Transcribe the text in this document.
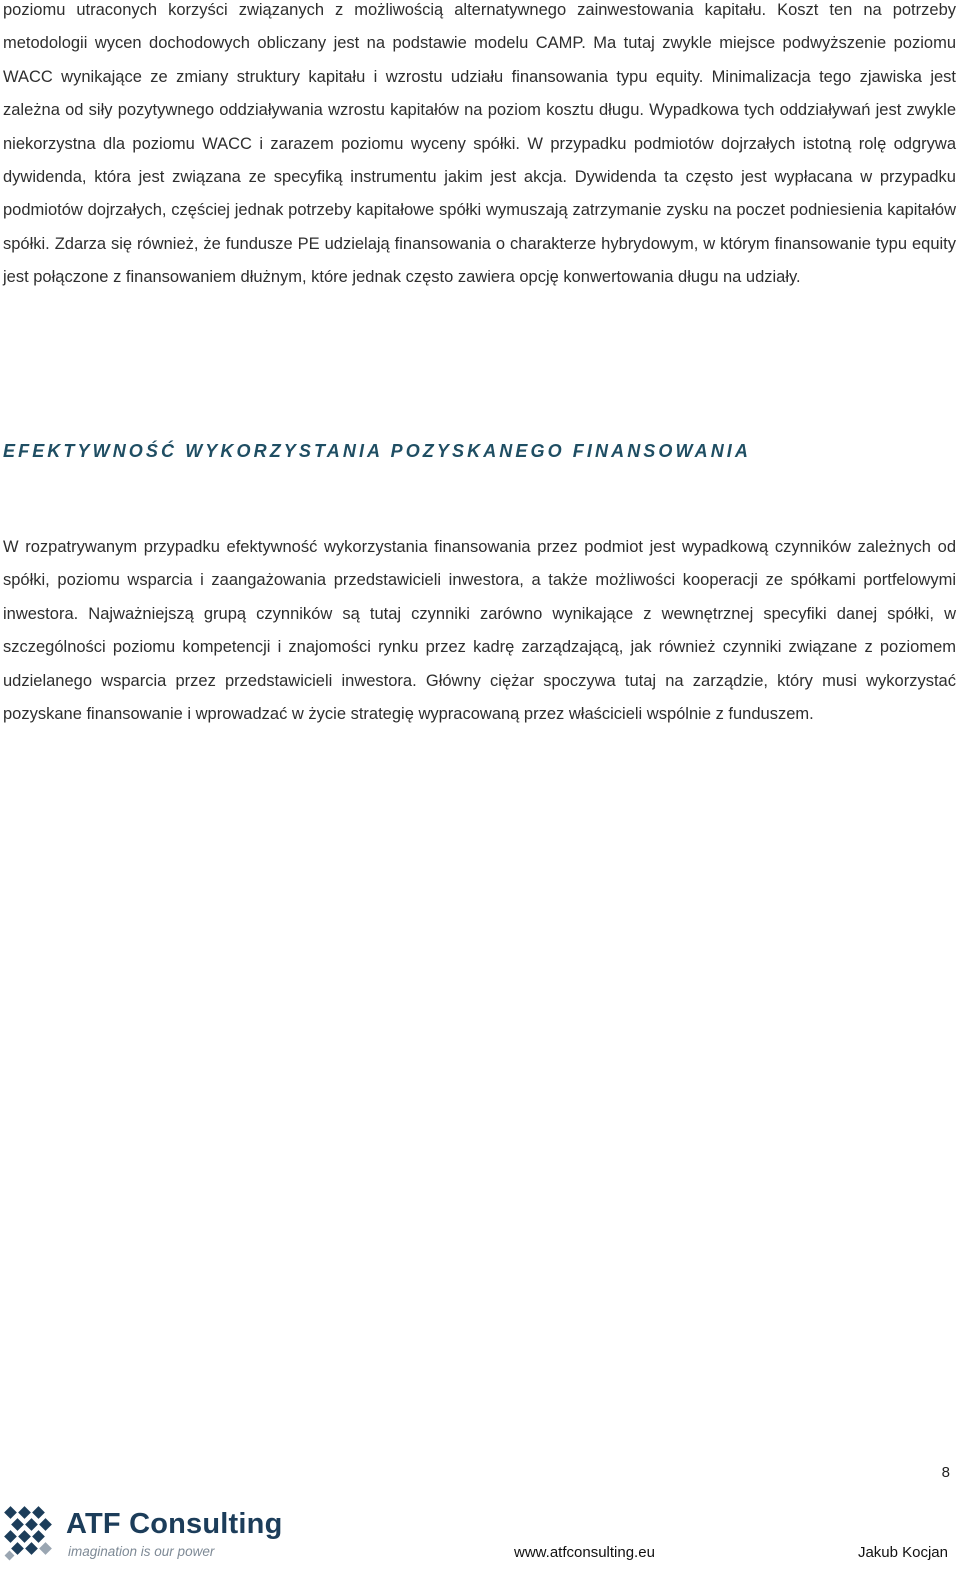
poziomu utraconych korzyści związanych z możliwością alternatywnego zainwestowania kapitału. Koszt ten na potrzeby metodologii wycen dochodowych obliczany jest na podstawie modelu CAMP. Ma tutaj zwykle miejsce podwyższenie poziomu WACC wynikające ze zmiany struktury kapitału i wzrostu udziału finansowania typu equity. Minimalizacja tego zjawiska jest zależna od siły pozytywnego oddziaływania wzrostu kapitałów na poziom kosztu długu. Wypadkowa tych oddziaływań jest zwykle niekorzystna dla poziomu WACC i zarazem poziomu wyceny spółki. W przypadku podmiotów dojrzałych istotną rolę odgrywa dywidenda, która jest związana ze specyfiką instrumentu jakim jest akcja. Dywidenda ta często jest wypłacana w przypadku podmiotów dojrzałych, częściej jednak potrzeby kapitałowe spółki wymuszają zatrzymanie zysku na poczet podniesienia kapitałów spółki. Zdarza się również, że fundusze PE udzielają finansowania o charakterze hybrydowym, w którym finansowanie typu equity jest połączone z finansowaniem dłużnym, które jednak często zawiera opcję konwertowania długu na udziały.

EFEKTYWNOŚĆ WYKORZYSTANIA POZYSKANEGO FINANSOWANIA

W rozpatrywanym przypadku efektywność wykorzystania finansowania przez podmiot jest wypadkową czynników zależnych od spółki, poziomu wsparcia i zaangażowania przedstawicieli inwestora, a także możliwości kooperacji ze spółkami portfelowymi inwestora. Najważniejszą grupą czynników są tutaj czynniki zarówno wynikające z wewnętrznej specyfiki danej spółki, w szczególności poziomu kompetencji i znajomości rynku przez kadrę zarządzającą, jak również czynniki związane z poziomem udzielanego wsparcia przez przedstawicieli inwestora. Główny ciężar spoczywa tutaj na zarządzie, który musi wykorzystać pozyskane finansowanie i wprowadzać w życie strategię wypracowaną przez właścicieli wspólnie z funduszem.

8
ATF Consulting
imagination is our power	www.atfconsulting.eu	Jakub Kocjan
